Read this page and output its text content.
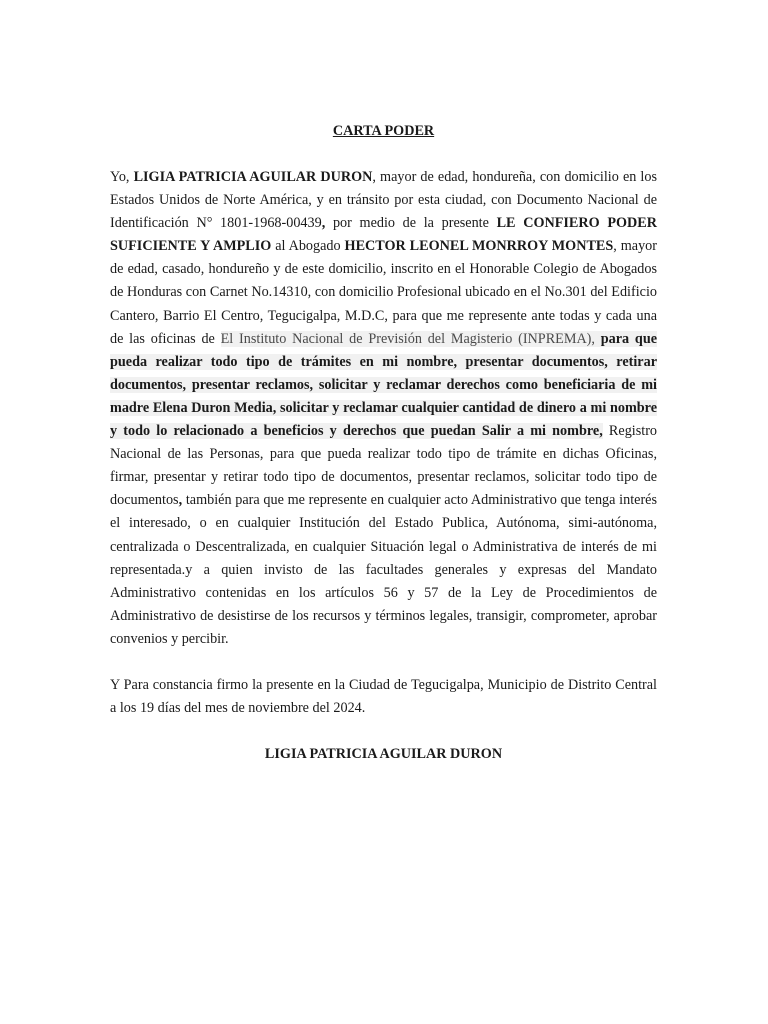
CARTA PODER

Yo, LIGIA PATRICIA AGUILAR DURON, mayor de edad, hondureña, con domicilio en los Estados Unidos de Norte América, y en tránsito por esta ciudad, con Documento Nacional de Identificación N° 1801-1968-00439, por medio de la presente LE CONFIERO PODER SUFICIENTE Y AMPLIO al Abogado HECTOR LEONEL MONRROY MONTES, mayor de edad, casado, hondureño y de este domicilio, inscrito en el Honorable Colegio de Abogados de Honduras con Carnet No.14310, con domicilio Profesional ubicado en el No.301 del Edificio Cantero, Barrio El Centro, Tegucigalpa, M.D.C, para que me represente ante todas y cada una de las oficinas de El Instituto Nacional de Previsión del Magisterio (INPREMA), para que pueda realizar todo tipo de trámites en mi nombre, presentar documentos, retirar documentos, presentar reclamos, solicitar y reclamar derechos como beneficiaria de mi madre Elena Duron Media, solicitar y reclamar cualquier cantidad de dinero a mi nombre y todo lo relacionado a beneficios y derechos que puedan Salir a mi nombre, Registro Nacional de las Personas, para que pueda realizar todo tipo de trámite en dichas Oficinas, firmar, presentar y retirar todo tipo de documentos, presentar reclamos, solicitar todo tipo de documentos, también para que me represente en cualquier acto Administrativo que tenga interés el interesado, o en cualquier Institución del Estado Publica, Autónoma, simi-autónoma, centralizada o Descentralizada, en cualquier Situación legal o Administrativa de interés de mi representada.y a quien invisto de las facultades generales y expresas del Mandato Administrativo contenidas en los artículos 56 y 57 de la Ley de Procedimientos de Administrativo de desistirse de los recursos y términos legales, transigir, comprometer, aprobar convenios y percibir.

Y Para constancia firmo la presente en la Ciudad de Tegucigalpa, Municipio de Distrito Central a los 19 días del mes de noviembre del 2024.

LIGIA PATRICIA AGUILAR DURON
